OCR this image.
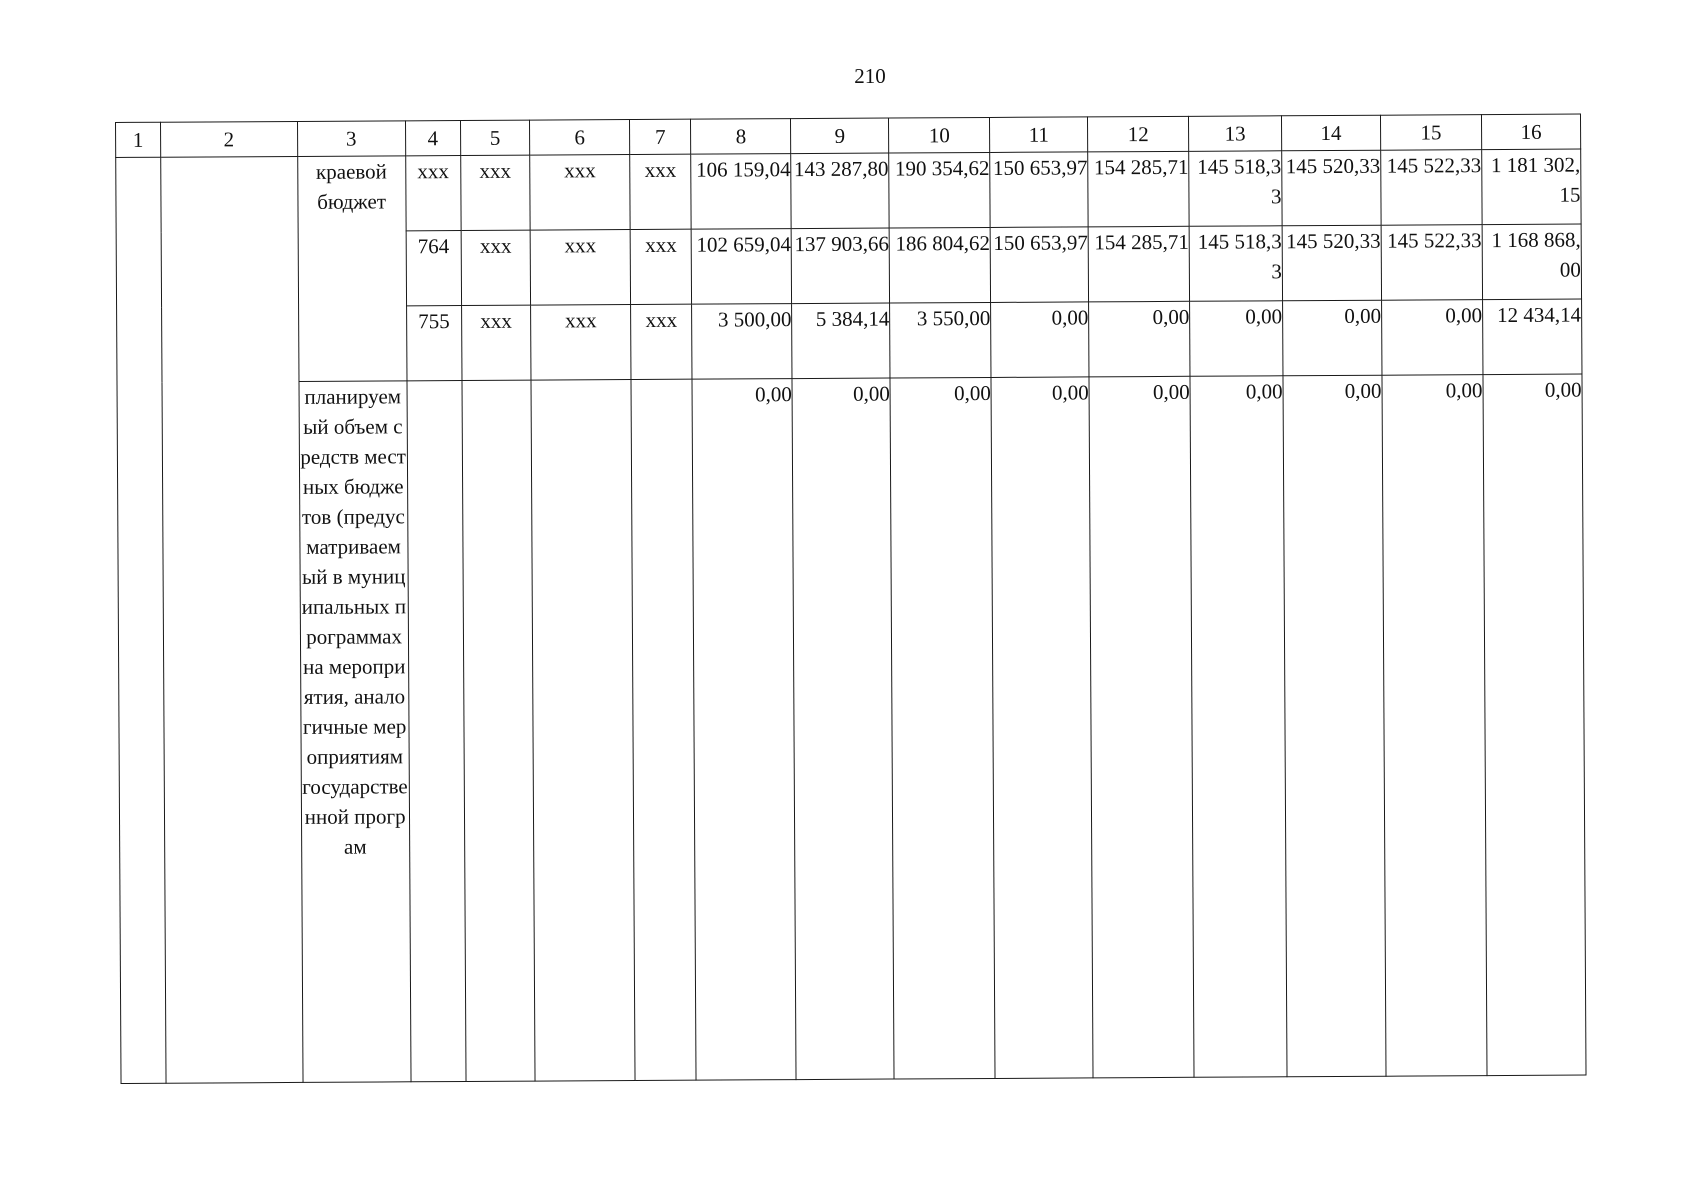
210
1	2	3	4	5	6	7	8	9	10	11	12	13	14	15	16
		краевой бюджет	xxx	xxx	xxx	xxx	106 159,04	143 287,80	190 354,62	150 653,97	154 285,71	145 518,33	145 520,33	145 522,33	1 181 302,15

			764	xxx	xxx	xxx	102 659,04	137 903,66	186 804,62	150 653,97	154 285,71	145 518,33	145 520,33	145 522,33	1 168 868,00

			755	xxx	xxx	xxx	3 500,00	5 384,14	3 550,00	0,00	0,00	0,00	0,00	0,00	12 434,14

		планируемый объем средств местных бюджетов (предусматриваемый в муниципальных программах на мероприятия, аналогичные мероприятиям государственной програм					0,00	0,00	0,00	0,00	0,00	0,00	0,00	0,00	0,00
